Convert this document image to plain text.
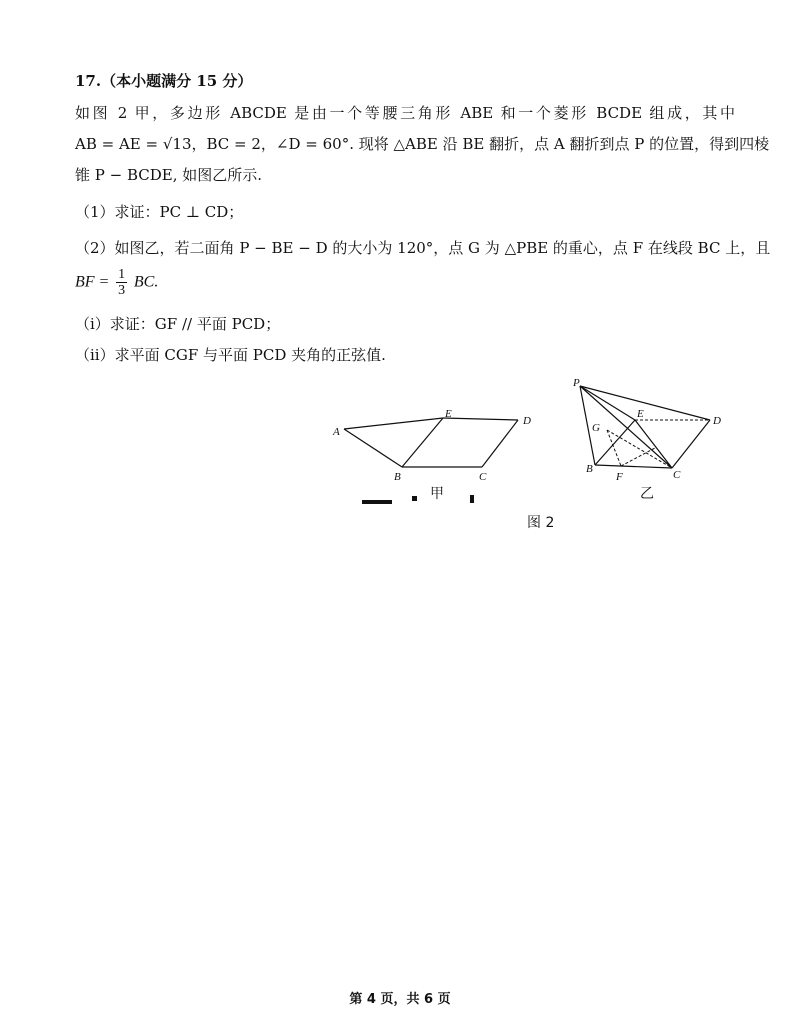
17.（本小题满分 15 分）
如图 2 甲，多边形 ABCDE 是由一个等腰三角形 ABE 和一个菱形 BCDE 组成，其中
AB = AE = √13，BC = 2，∠D = 60°. 现将 △ABE 沿 BE 翻折，点 A 翻折到点 P 的位置，得到四棱
锥 P − BCDE, 如图乙所示.
（1）求证：PC ⊥ CD；
（2）如图乙，若二面角 P − BE − D 的大小为 120°，点 G 为 △PBE 的重心，点 F 在线段 BC 上，且
BF = $\frac{1}{3}$ BC.
（i）求证：GF // 平面 PCD；
（ii）求平面 CGF 与平面 PCD 夹角的正弦值.
A
E
D
B	C
甲
P
E
D
G
B
F	C
乙
图 2
第 4 页，共 6 页
